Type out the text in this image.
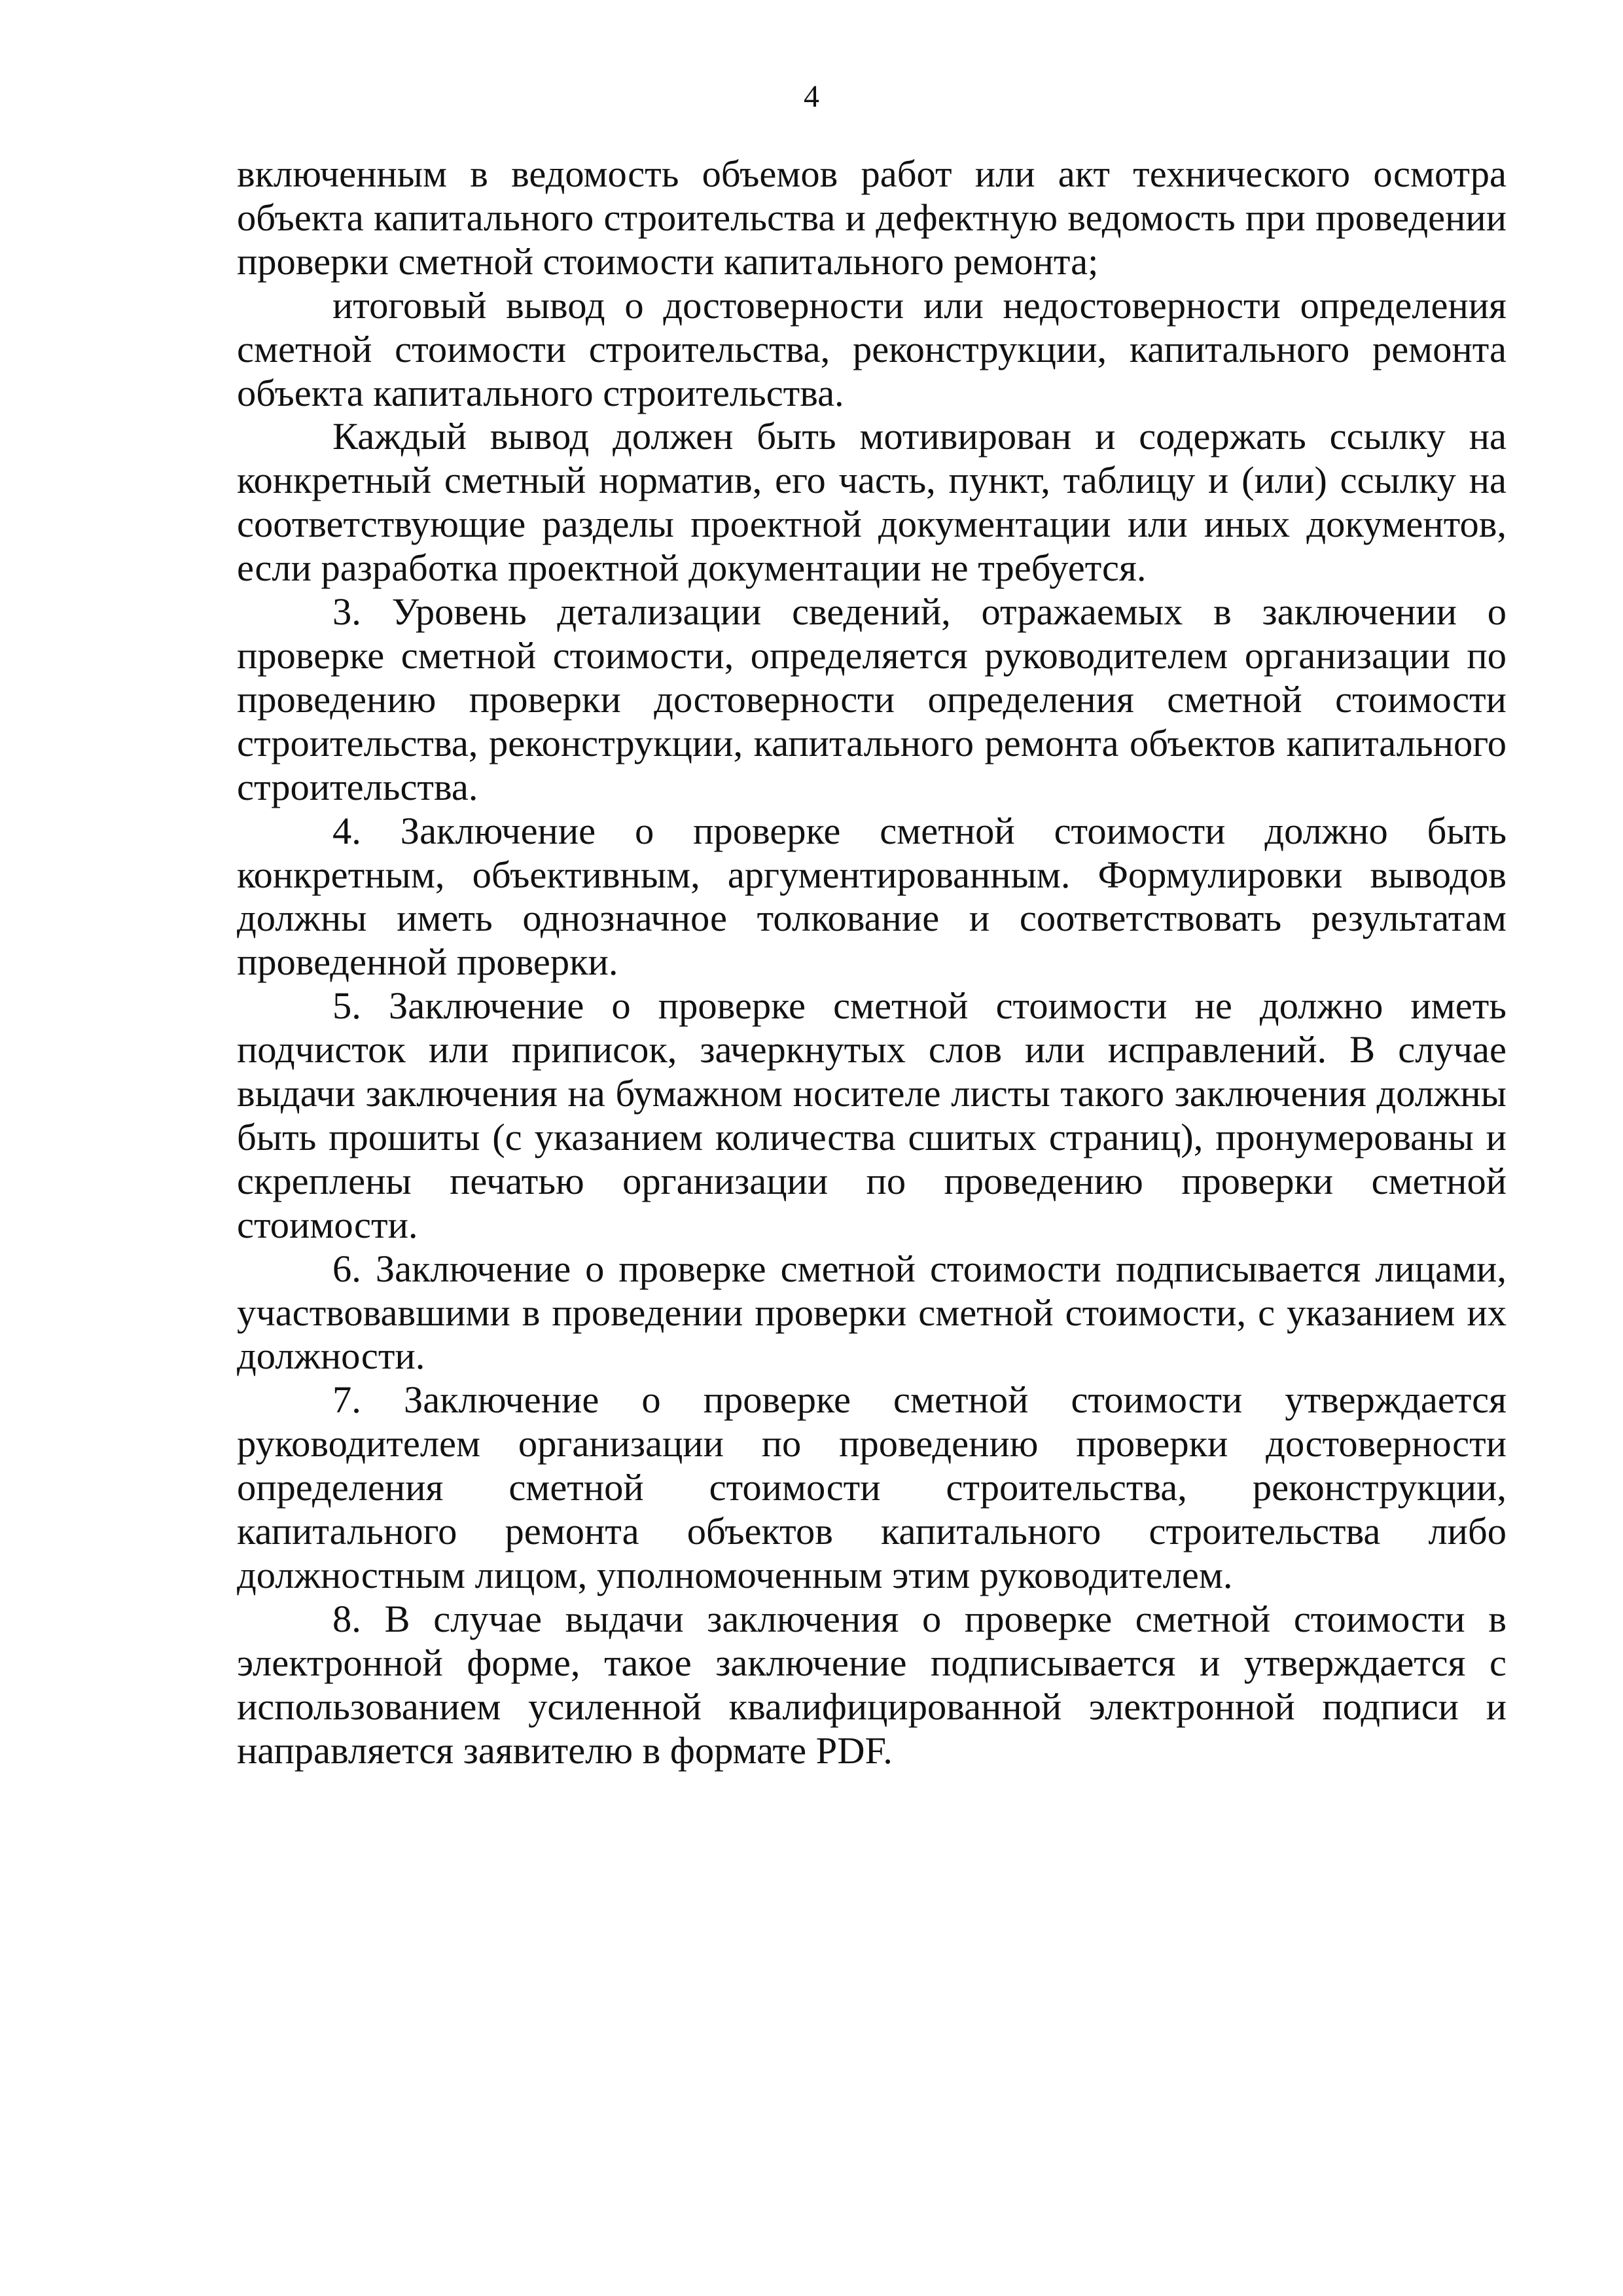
4

включенным в ведомость объемов работ или акт технического осмотра объекта капитального строительства и дефектную ведомость при проведении проверки сметной стоимости капитального ремонта;

итоговый вывод о достоверности или недостоверности определения сметной стоимости строительства, реконструкции, капитального ремонта объекта капитального строительства.

Каждый вывод должен быть мотивирован и содержать ссылку на конкретный сметный норматив, его часть, пункт, таблицу и (или) ссылку на соответствующие разделы проектной документации или иных документов, если разработка проектной документации не требуется.

3. Уровень детализации сведений, отражаемых в заключении о проверке сметной стоимости, определяется руководителем организации по проведению проверки достоверности определения сметной стоимости строительства, реконструкции, капитального ремонта объектов капитального строительства.

4. Заключение о проверке сметной стоимости должно быть конкретным, объективным, аргументированным. Формулировки выводов должны иметь однозначное толкование и соответствовать результатам проведенной проверки.

5. Заключение о проверке сметной стоимости не должно иметь подчисток или приписок, зачеркнутых слов или исправлений. В случае выдачи заключения на бумажном носителе листы такого заключения должны быть прошиты (с указанием количества сшитых страниц), пронумерованы и скреплены печатью организации по проведению проверки сметной стоимости.

6. Заключение о проверке сметной стоимости подписывается лицами, участвовавшими в проведении проверки сметной стоимости, с указанием их должности.

7. Заключение о проверке сметной стоимости утверждается руководителем организации по проведению проверки достоверности определения сметной стоимости строительства, реконструкции, капитального ремонта объектов капитального строительства либо должностным лицом, уполномоченным этим руководителем.

8. В случае выдачи заключения о проверке сметной стоимости в электронной форме, такое заключение подписывается и утверждается с использованием усиленной квалифицированной электронной подписи и направляется заявителю в формате PDF.
